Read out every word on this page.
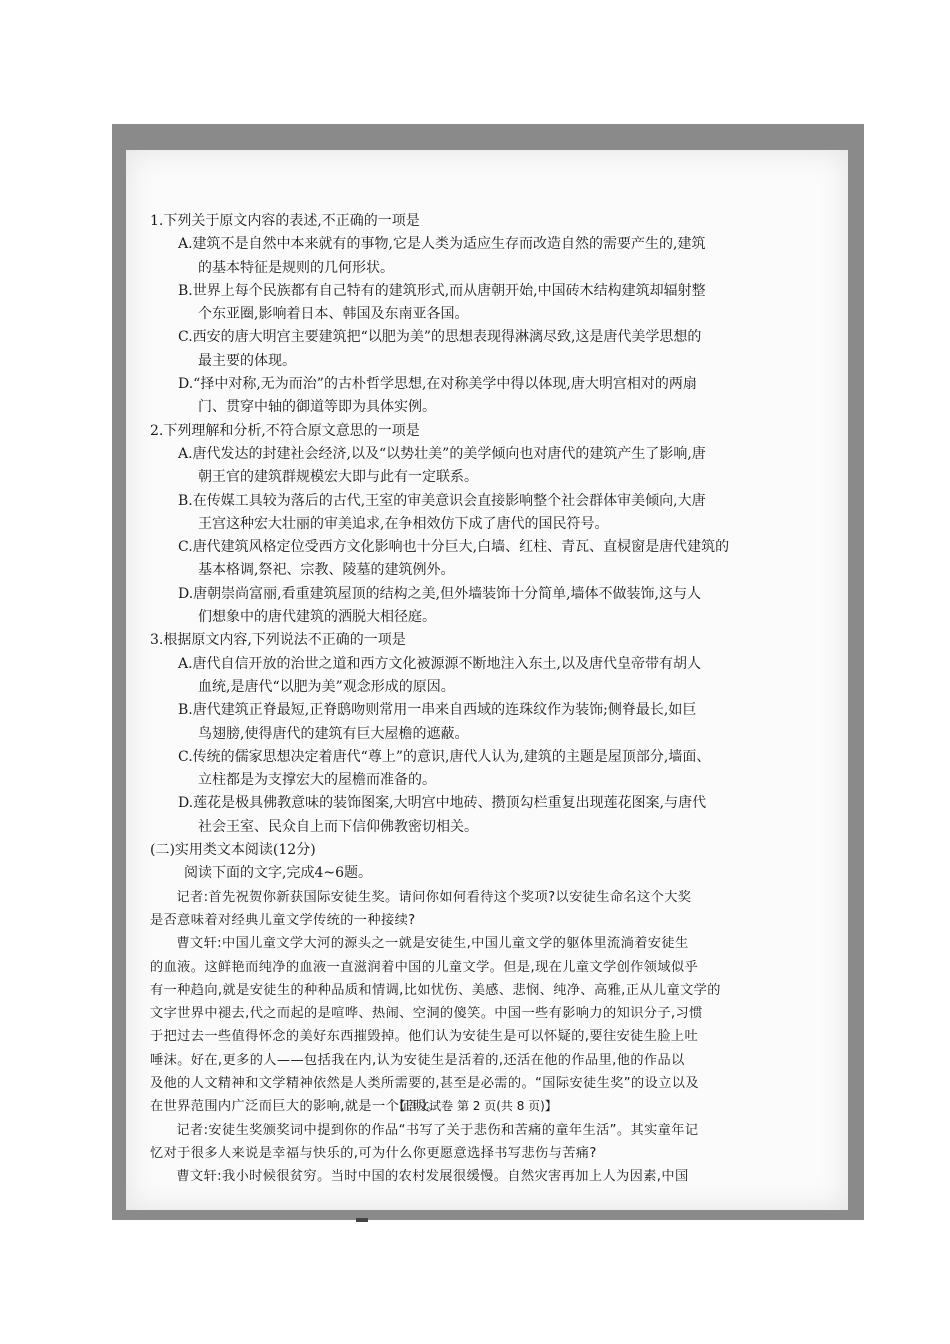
1.下列关于原文内容的表述,不正确的一项是

A.建筑不是自然中本来就有的事物,它是人类为适应生存而改造自然的需要产生的,建筑

的基本特征是规则的几何形状。

B.世界上每个民族都有自己特有的建筑形式,而从唐朝开始,中国砖木结构建筑却辐射整

个东亚圈,影响着日本、韩国及东南亚各国。

C.西安的唐大明宫主要建筑把“以肥为美”的思想表现得淋漓尽致,这是唐代美学思想的

最主要的体现。

D.“择中对称,无为而治”的古朴哲学思想,在对称美学中得以体现,唐大明宫相对的两扇

门、贯穿中轴的御道等即为具体实例。

2.下列理解和分析,不符合原文意思的一项是

A.唐代发达的封建社会经济,以及“以势壮美”的美学倾向也对唐代的建筑产生了影响,唐

朝王官的建筑群规模宏大即与此有一定联系。

B.在传媒工具较为落后的古代,王室的审美意识会直接影响整个社会群体审美倾向,大唐

王宫这种宏大壮丽的审美追求,在争相效仿下成了唐代的国民符号。

C.唐代建筑风格定位受西方文化影响也十分巨大,白墙、红柱、青瓦、直棂窗是唐代建筑的

基本格调,祭祀、宗教、陵墓的建筑例外。

D.唐朝崇尚富丽,看重建筑屋顶的结构之美,但外墙装饰十分简单,墙体不做装饰,这与人

们想象中的唐代建筑的洒脱大相径庭。

3.根据原文内容,下列说法不正确的一项是

A.唐代自信开放的治世之道和西方文化被源源不断地注入东土,以及唐代皇帝带有胡人

血统,是唐代“以肥为美”观念形成的原因。

B.唐代建筑正脊最短,正脊鸱吻则常用一串来自西域的连珠纹作为装饰;侧脊最长,如巨

鸟翅膀,使得唐代的建筑有巨大屋檐的遮蔽。

C.传统的儒家思想决定着唐代“尊上”的意识,唐代人认为,建筑的主题是屋顶部分,墙面、

立柱都是为支撑宏大的屋檐而准备的。

D.莲花是极具佛教意味的装饰图案,大明宫中地砖、攒顶勾栏重复出现莲花图案,与唐代

社会王室、民众自上而下信仰佛教密切相关。

(二)实用类文本阅读(12分)

阅读下面的文字,完成4~6题。

记者:首先祝贺你新获国际安徒生奖。请问你如何看待这个奖项?以安徒生命名这个大奖

是否意味着对经典儿童文学传统的一种接续?

曹文轩:中国儿童文学大河的源头之一就是安徒生,中国儿童文学的躯体里流淌着安徒生

的血液。这鲜艳而纯净的血液一直滋润着中国的儿童文学。但是,现在儿童文学创作领域似乎

有一种趋向,就是安徒生的种种品质和情调,比如忧伤、美感、悲悯、纯净、高雅,正从儿童文学的

文字世界中褪去,代之而起的是喧哗、热闹、空洞的傻笑。中国一些有影响力的知识分子,习惯

于把过去一些值得怀念的美好东西摧毁掉。他们认为安徒生是可以怀疑的,要往安徒生脸上吐

唾沫。好在,更多的人——包括我在内,认为安徒生是活着的,还活在他的作品里,他的作品以

及他的人文精神和文学精神依然是人类所需要的,甚至是必需的。“国际安徒生奖”的设立以及

在世界范围内广泛而巨大的影响,就是一个证明。

记者:安徒生奖颁奖词中提到你的作品“书写了关于悲伤和苦痛的童年生活”。其实童年记

忆对于很多人来说是幸福与快乐的,可为什么你更愿意选择书写悲伤与苦痛?

曹文轩:我小时候很贫穷。当时中国的农村发展很缓慢。自然灾害再加上人为因素,中国

【语文试卷 第 2 页(共 8 页)】
